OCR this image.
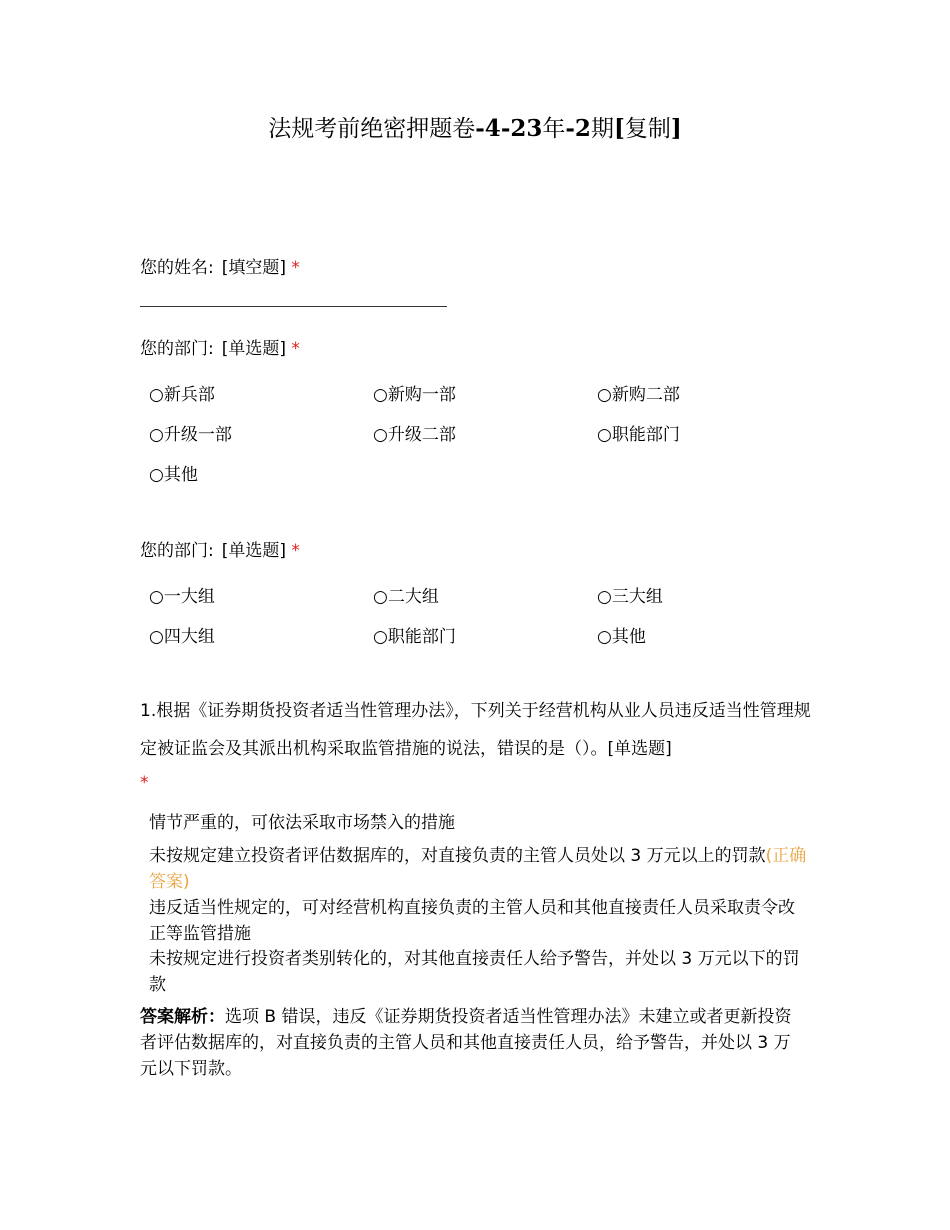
法规考前绝密押题卷-4-23年-2期[复制]
您的姓名: [填空题] *
您的部门: [单选题] *
○新兵部	○新购一部	○新购二部
○升级一部	○升级二部	○职能部门
○其他
您的部门: [单选题] *
○一大组	○二大组	○三大组
○四大组	○职能部门	○其他
1.根据《证券期货投资者适当性管理办法》，下列关于经营机构从业人员违反适当性管理规定被证监会及其派出机构采取监管措施的说法，错误的是（）。[单选题]
*
情节严重的，可依法采取市场禁入的措施
未按规定建立投资者评估数据库的，对直接负责的主管人员处以 3 万元以上的罚款(正确答案)
违反适当性规定的，可对经营机构直接负责的主管人员和其他直接责任人员采取责令改正等监管措施
未按规定进行投资者类别转化的，对其他直接责任人给予警告，并处以 3 万元以下的罚款
答案解析：选项 B 错误，违反《证券期货投资者适当性管理办法》未建立或者更新投资者评估数据库的，对直接负责的主管人员和其他直接责任人员，给予警告，并处以 3 万元以下罚款。
